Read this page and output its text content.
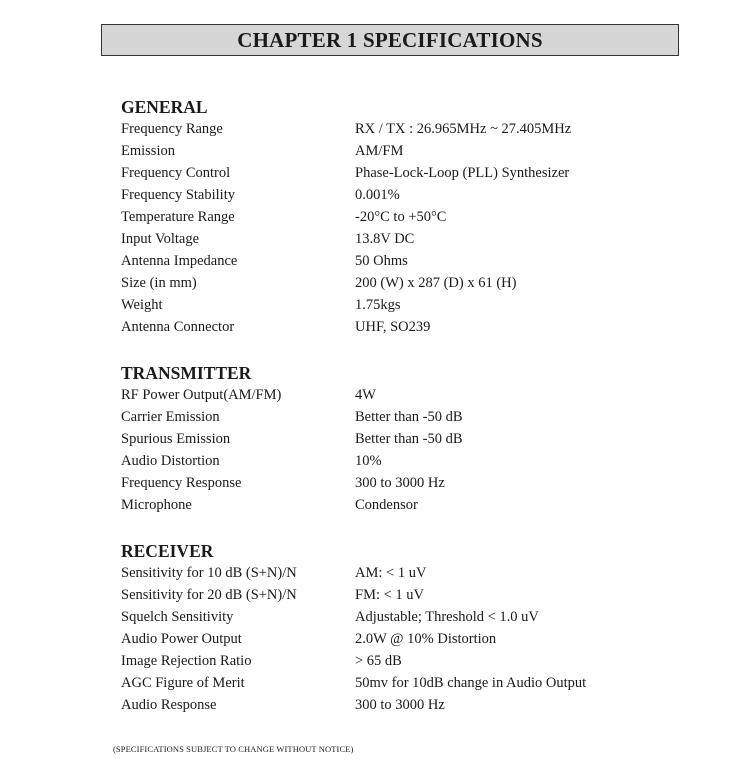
CHAPTER 1 SPECIFICATIONS
GENERAL
Frequency Range	RX / TX : 26.965MHz ~ 27.405MHz
Emission	AM/FM
Frequency Control	Phase-Lock-Loop (PLL) Synthesizer
Frequency Stability	0.001%
Temperature Range	-20°C to +50°C
Input Voltage	13.8V DC
Antenna Impedance	50 Ohms
Size (in mm)	200 (W) x 287 (D) x 61 (H)
Weight	1.75kgs
Antenna Connector	UHF, SO239
TRANSMITTER
RF Power Output(AM/FM)	4W
Carrier Emission	Better than -50 dB
Spurious Emission	Better than -50 dB
Audio Distortion	10%
Frequency Response	300 to 3000 Hz
Microphone	Condensor
RECEIVER
Sensitivity for 10 dB (S+N)/N	AM: < 1 uV
Sensitivity for 20 dB (S+N)/N	FM: < 1 uV
Squelch Sensitivity	Adjustable; Threshold < 1.0 uV
Audio Power Output	2.0W @ 10% Distortion
Image Rejection Ratio	> 65 dB
AGC Figure of Merit	50mv for 10dB change in Audio Output
Audio Response	300 to 3000 Hz
(SPECIFICATIONS SUBJECT TO CHANGE WITHOUT NOTICE)
